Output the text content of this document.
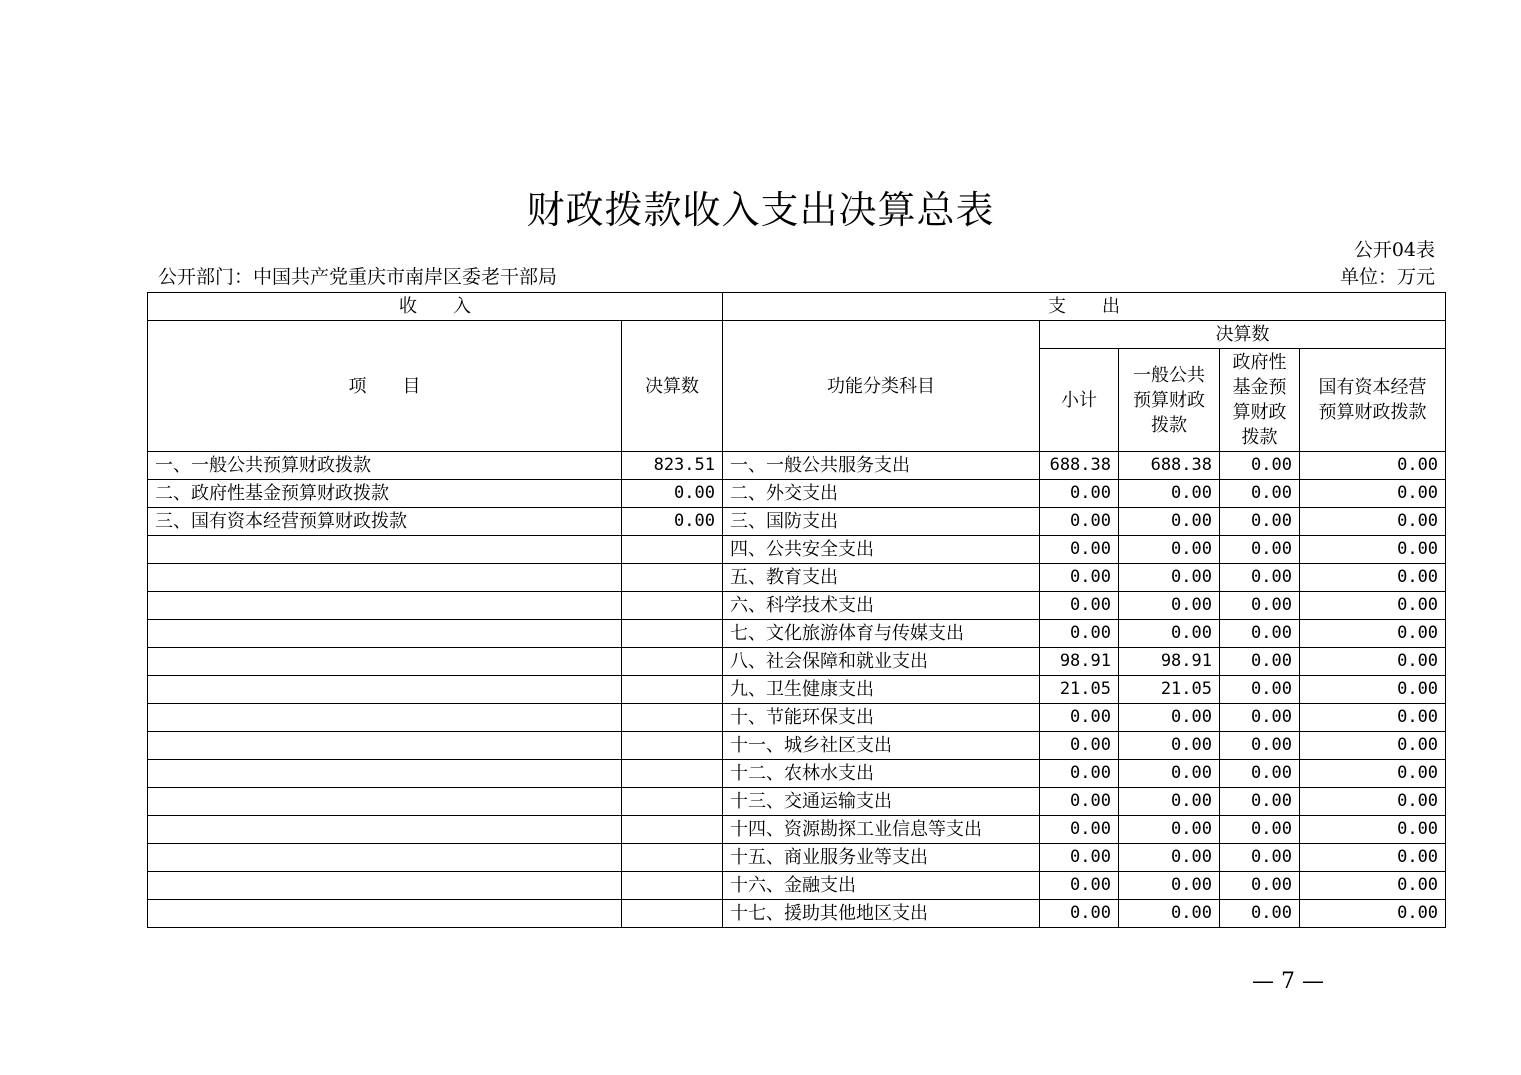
财政拨款收入支出决算总表
公开04表
公开部门：中国共产党重庆市南岸区委老干部局	单位：万元
收　　入		支　　出				
项　　目	决算数	功能分类科目	决算数			
			小计	一般公共预算财政拨款	政府性基金预算财政拨款	国有资本经营预算财政拨款
一、一般公共预算财政拨款	823.51	一、一般公共服务支出	688.38	688.38	0.00	0.00
二、政府性基金预算财政拨款	0.00	二、外交支出	0.00	0.00	0.00	0.00
三、国有资本经营预算财政拨款	0.00	三、国防支出	0.00	0.00	0.00	0.00
		四、公共安全支出	0.00	0.00	0.00	0.00
		五、教育支出	0.00	0.00	0.00	0.00
		六、科学技术支出	0.00	0.00	0.00	0.00
		七、文化旅游体育与传媒支出	0.00	0.00	0.00	0.00
		八、社会保障和就业支出	98.91	98.91	0.00	0.00
		九、卫生健康支出	21.05	21.05	0.00	0.00
		十、节能环保支出	0.00	0.00	0.00	0.00
		十一、城乡社区支出	0.00	0.00	0.00	0.00
		十二、农林水支出	0.00	0.00	0.00	0.00
		十三、交通运输支出	0.00	0.00	0.00	0.00
		十四、资源勘探工业信息等支出	0.00	0.00	0.00	0.00
		十五、商业服务业等支出	0.00	0.00	0.00	0.00
		十六、金融支出	0.00	0.00	0.00	0.00
		十七、援助其他地区支出	0.00	0.00	0.00	0.00
— 7 —
